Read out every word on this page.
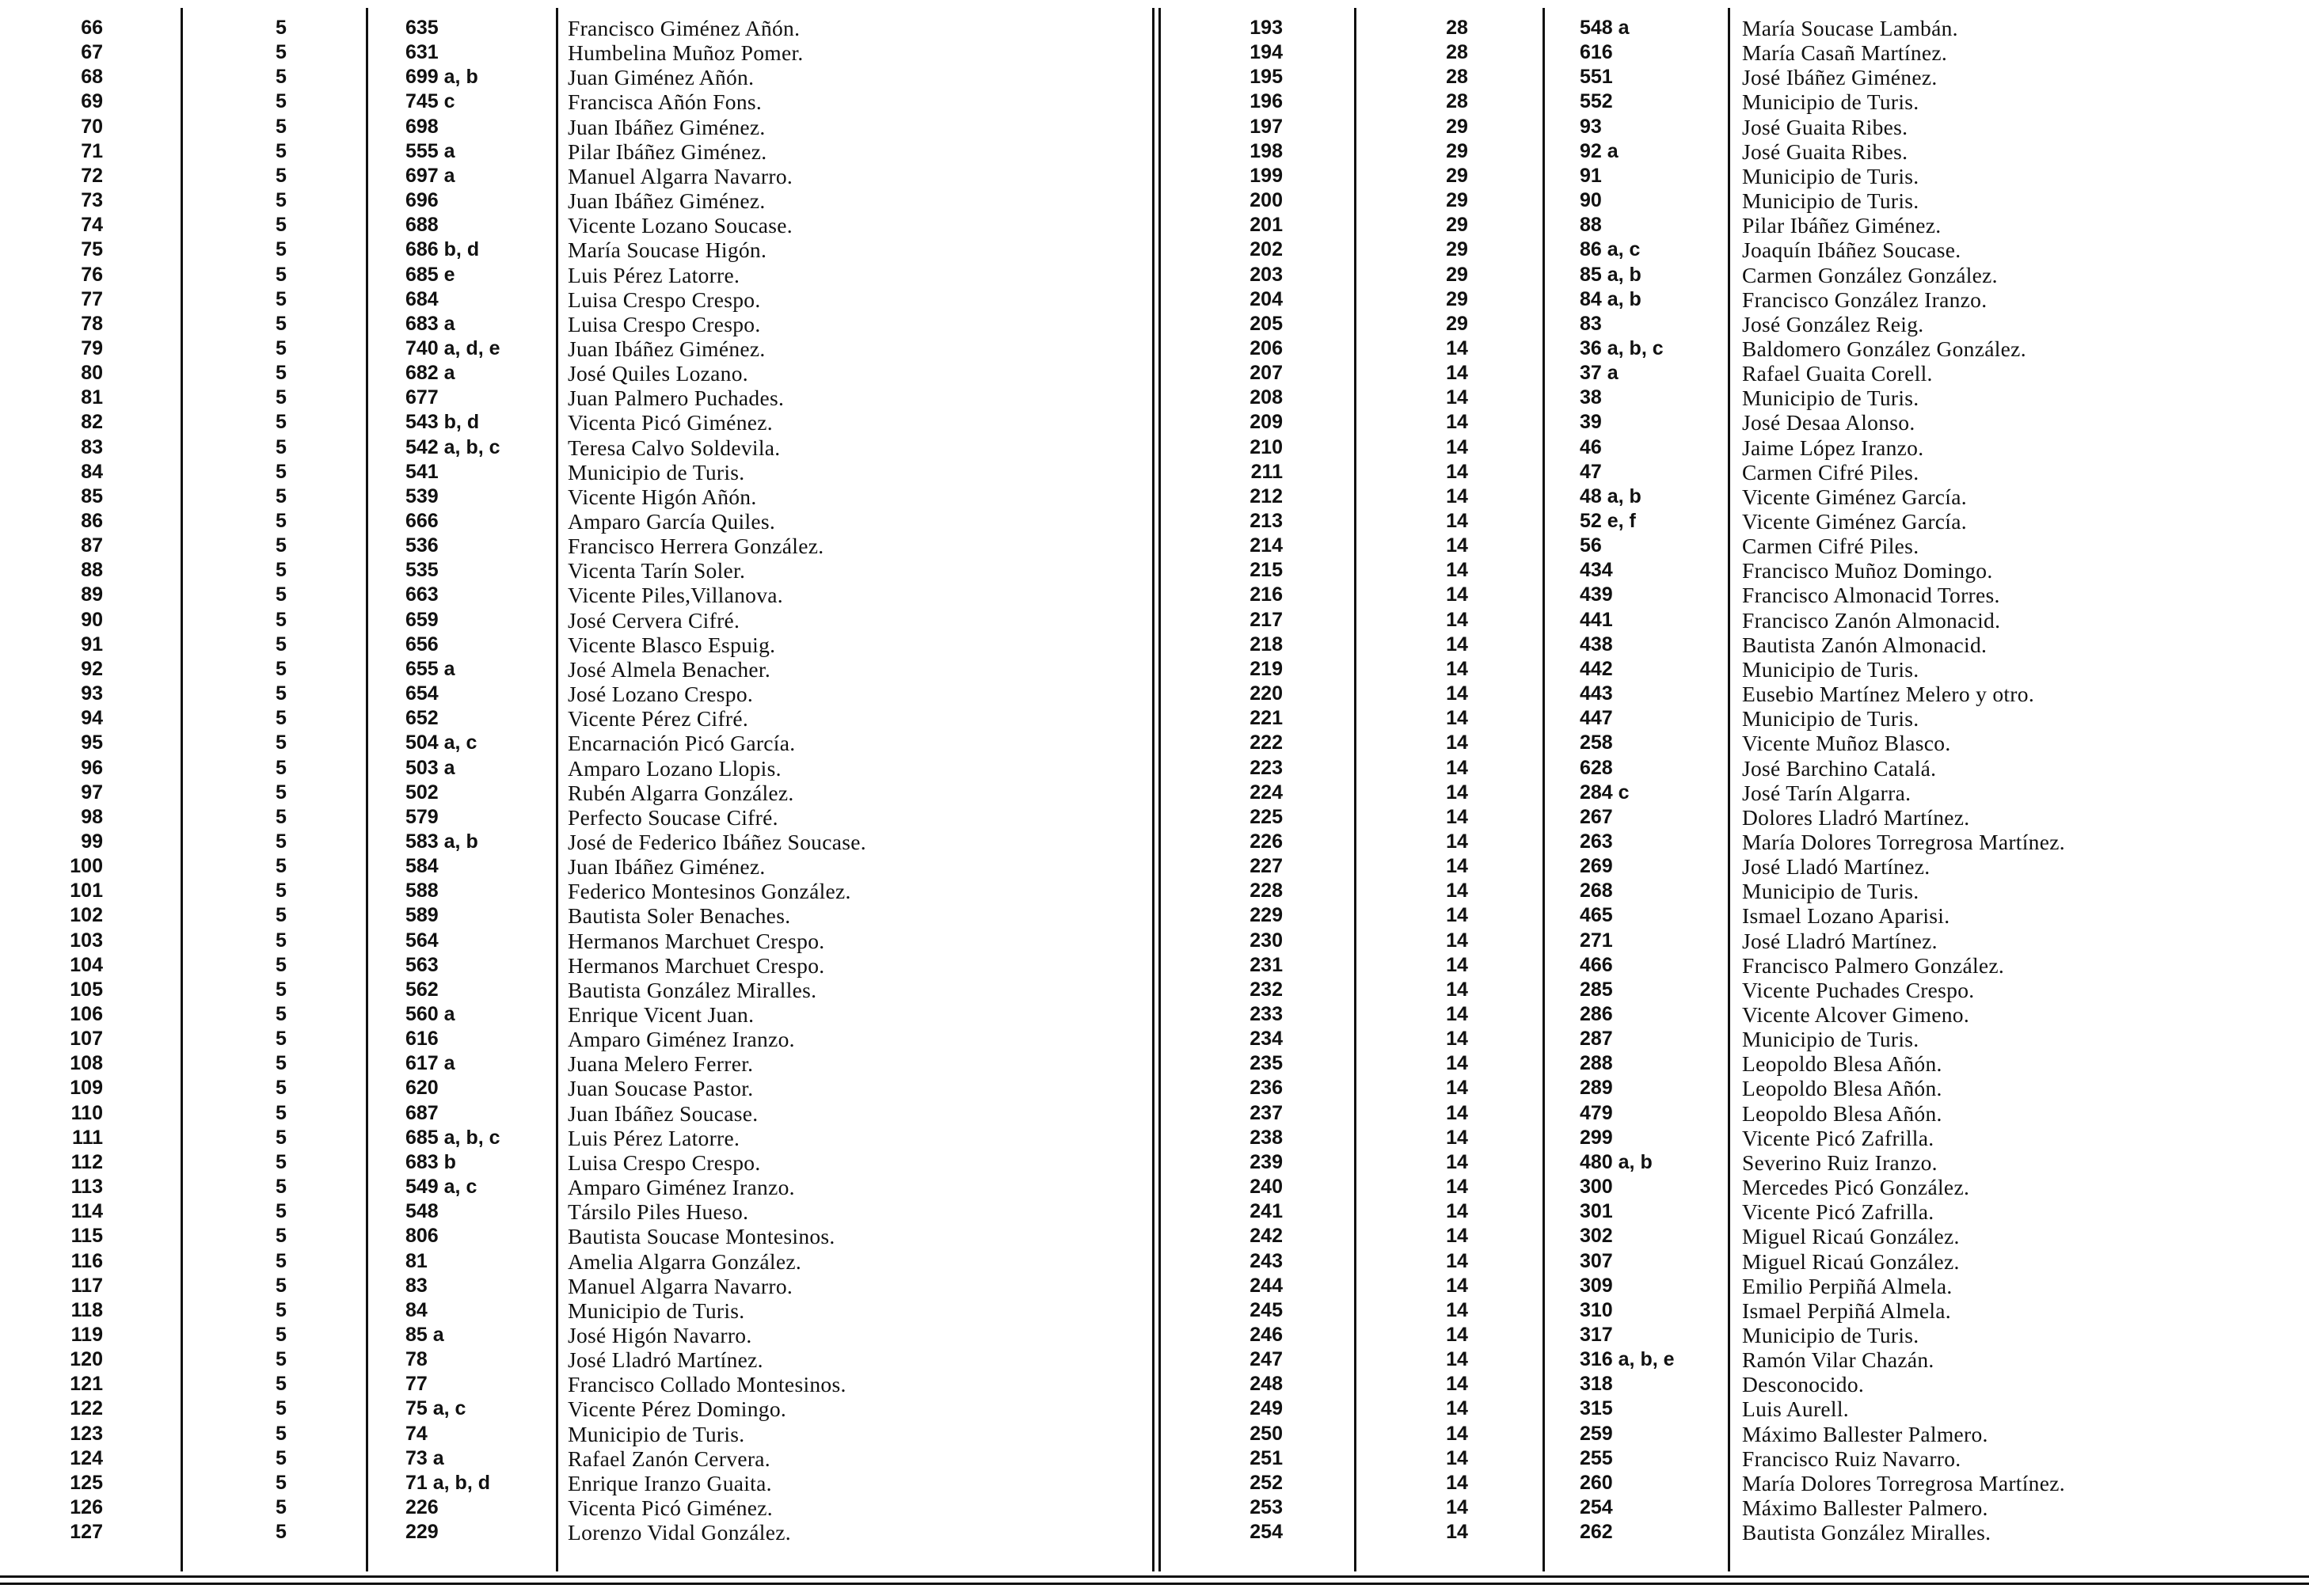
66	5	635	Francisco Giménez Añón.
67	5	631	Humbelina Muñoz Pomer.
68	5	699 a, b	Juan Giménez Añón.
69	5	745 c	Francisca Añón Fons.
70	5	698	Juan Ibáñez Giménez.
71	5	555 a	Pilar Ibáñez Giménez.
72	5	697 a	Manuel Algarra Navarro.
73	5	696	Juan Ibáñez Giménez.
74	5	688	Vicente Lozano Soucase.
75	5	686 b, d	María Soucase Higón.
76	5	685 e	Luis Pérez Latorre.
77	5	684	Luisa Crespo Crespo.
78	5	683 a	Luisa Crespo Crespo.
79	5	740 a, d, e	Juan Ibáñez Giménez.
80	5	682 a	José Quiles Lozano.
81	5	677	Juan Palmero Puchades.
82	5	543 b, d	Vicenta Picó Giménez.
83	5	542 a, b, c	Teresa Calvo Soldevila.
84	5	541	Municipio de Turis.
85	5	539	Vicente Higón Añón.
86	5	666	Amparo García Quiles.
87	5	536	Francisco Herrera González.
88	5	535	Vicenta Tarín Soler.
89	5	663	Vicente Piles,Villanova.
90	5	659	José Cervera Cifré.
91	5	656	Vicente Blasco Espuig.
92	5	655 a	José Almela Benacher.
93	5	654	José Lozano Crespo.
94	5	652	Vicente Pérez Cifré.
95	5	504 a, c	Encarnación Picó García.
96	5	503 a	Amparo Lozano Llopis.
97	5	502	Rubén Algarra González.
98	5	579	Perfecto Soucase Cifré.
99	5	583 a, b	José de Federico Ibáñez Soucase.
100	5	584	Juan Ibáñez Giménez.
101	5	588	Federico Montesinos González.
102	5	589	Bautista Soler Benaches.
103	5	564	Hermanos Marchuet Crespo.
104	5	563	Hermanos Marchuet Crespo.
105	5	562	Bautista González Miralles.
106	5	560 a	Enrique Vicent Juan.
107	5	616	Amparo Giménez Iranzo.
108	5	617 a	Juana Melero Ferrer.
109	5	620	Juan Soucase Pastor.
110	5	687	Juan Ibáñez Soucase.
111	5	685 a, b, c	Luis Pérez Latorre.
112	5	683 b	Luisa Crespo Crespo.
113	5	549 a, c	Amparo Giménez Iranzo.
114	5	548	Társilo Piles Hueso.
115	5	806	Bautista Soucase Montesinos.
116	5	81	Amelia Algarra González.
117	5	83	Manuel Algarra Navarro.
118	5	84	Municipio de Turis.
119	5	85 a	José Higón Navarro.
120	5	78	José Lladró Martínez.
121	5	77	Francisco Collado Montesinos.
122	5	75 a, c	Vicente Pérez Domingo.
123	5	74	Municipio de Turis.
124	5	73 a	Rafael Zanón Cervera.
125	5	71 a, b, d	Enrique Iranzo Guaita.
126	5	226	Vicenta Picó Giménez.
127	5	229	Lorenzo Vidal González.
193	28	548 a	María Soucase Lambán.
194	28	616	María Casañ Martínez.
195	28	551	José Ibáñez Giménez.
196	28	552	Municipio de Turis.
197	29	93	José Guaita Ribes.
198	29	92 a	José Guaita Ribes.
199	29	91	Municipio de Turis.
200	29	90	Municipio de Turis.
201	29	88	Pilar Ibáñez Giménez.
202	29	86 a, c	Joaquín Ibáñez Soucase.
203	29	85 a, b	Carmen González González.
204	29	84 a, b	Francisco González Iranzo.
205	29	83	José González Reig.
206	14	36 a, b, c	Baldomero González González.
207	14	37 a	Rafael Guaita Corell.
208	14	38	Municipio de Turis.
209	14	39	José Desaa Alonso.
210	14	46	Jaime López Iranzo.
211	14	47	Carmen Cifré Piles.
212	14	48 a, b	Vicente Giménez García.
213	14	52 e, f	Vicente Giménez García.
214	14	56	Carmen Cifré Piles.
215	14	434	Francisco Muñoz Domingo.
216	14	439	Francisco Almonacid Torres.
217	14	441	Francisco Zanón Almonacid.
218	14	438	Bautista Zanón Almonacid.
219	14	442	Municipio de Turis.
220	14	443	Eusebio Martínez Melero y otro.
221	14	447	Municipio de Turis.
222	14	258	Vicente Muñoz Blasco.
223	14	628	José Barchino Catalá.
224	14	284 c	José Tarín Algarra.
225	14	267	Dolores Lladró Martínez.
226	14	263	María Dolores Torregrosa Martínez.
227	14	269	José Lladó Martínez.
228	14	268	Municipio de Turis.
229	14	465	Ismael Lozano Aparisi.
230	14	271	José Lladró Martínez.
231	14	466	Francisco Palmero González.
232	14	285	Vicente Puchades Crespo.
233	14	286	Vicente Alcover Gimeno.
234	14	287	Municipio de Turis.
235	14	288	Leopoldo Blesa Añón.
236	14	289	Leopoldo Blesa Añón.
237	14	479	Leopoldo Blesa Añón.
238	14	299	Vicente Picó Zafrilla.
239	14	480 a, b	Severino Ruiz Iranzo.
240	14	300	Mercedes Picó González.
241	14	301	Vicente Picó Zafrilla.
242	14	302	Miguel Ricaú González.
243	14	307	Miguel Ricaú González.
244	14	309	Emilio Perpiñá Almela.
245	14	310	Ismael Perpiñá Almela.
246	14	317	Municipio de Turis.
247	14	316 a, b, e	Ramón Vilar Chazán.
248	14	318	Desconocido.
249	14	315	Luis Aurell.
250	14	259	Máximo Ballester Palmero.
251	14	255	Francisco Ruiz Navarro.
252	14	260	María Dolores Torregrosa Martínez.
253	14	254	Máximo Ballester Palmero.
254	14	262	Bautista González Miralles.
